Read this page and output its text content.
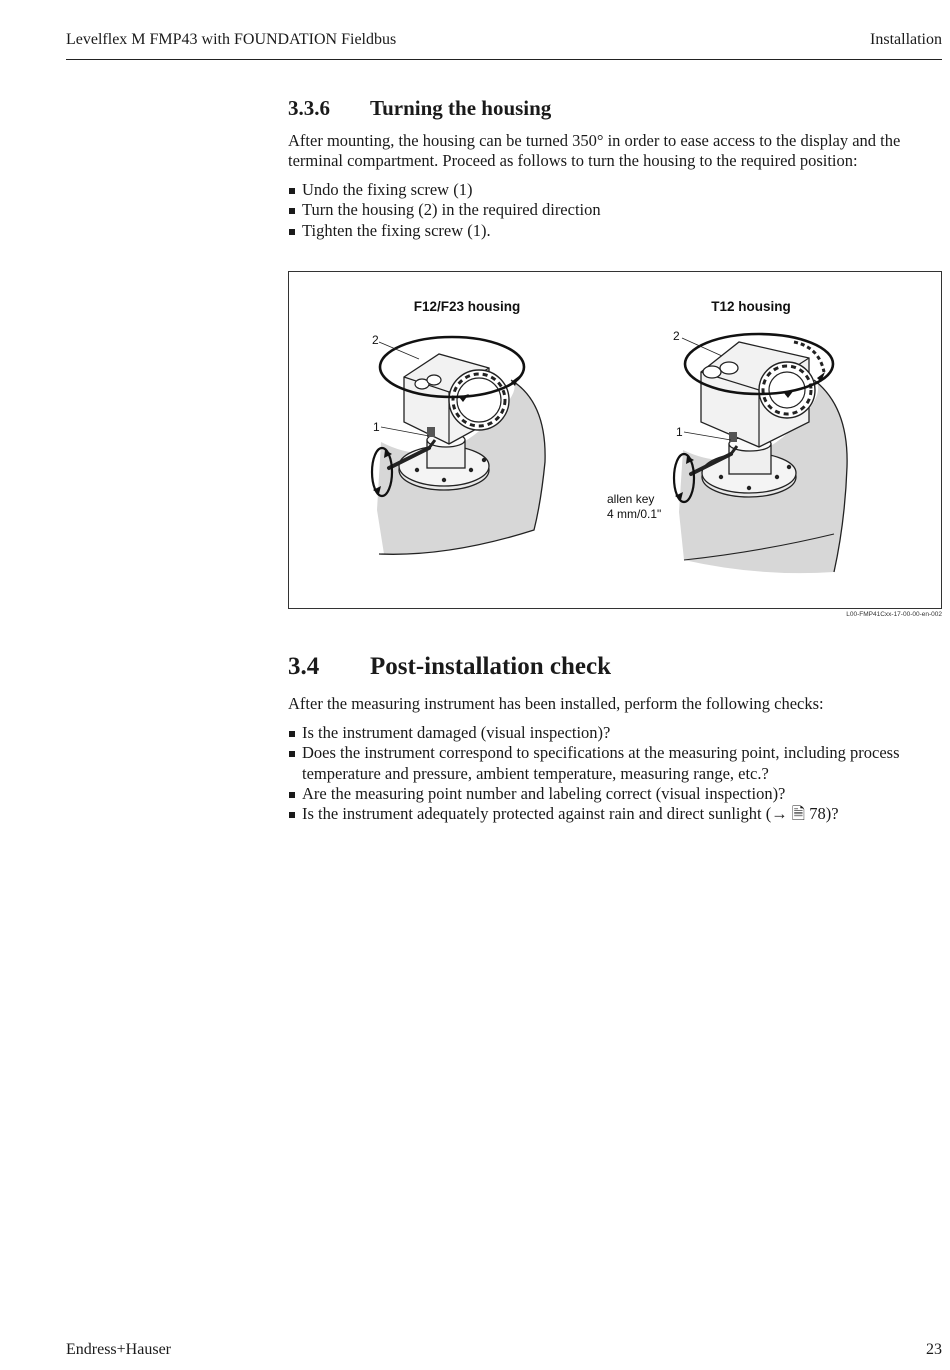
Levelflex M FMP43 with FOUNDATION Fieldbus	Installation
3.3.6 Turning the housing

After mounting, the housing can be turned 350° in order to ease access to the display and the terminal compartment. Proceed as follows to turn the housing to the required position:

Undo the fixing screw (1)
Turn the housing (2) in the required direction
Tighten the fixing screw (1).
F12/F23 housing	T12 housing
2
1
2
1
allen key
4 mm/0.1"
L00-FMP41Cxx-17-00-00-en-002
3.4 Post-installation check

After the measuring instrument has been installed, perform the following checks:

Is the instrument damaged (visual inspection)?
Does the instrument correspond to specifications at the measuring point, including process temperature and pressure, ambient temperature, measuring range, etc.?
Are the measuring point number and labeling correct (visual inspection)?
Is the instrument adequately protected against rain and direct sunlight (→ 🗎 78)?
Endress+Hauser	23
